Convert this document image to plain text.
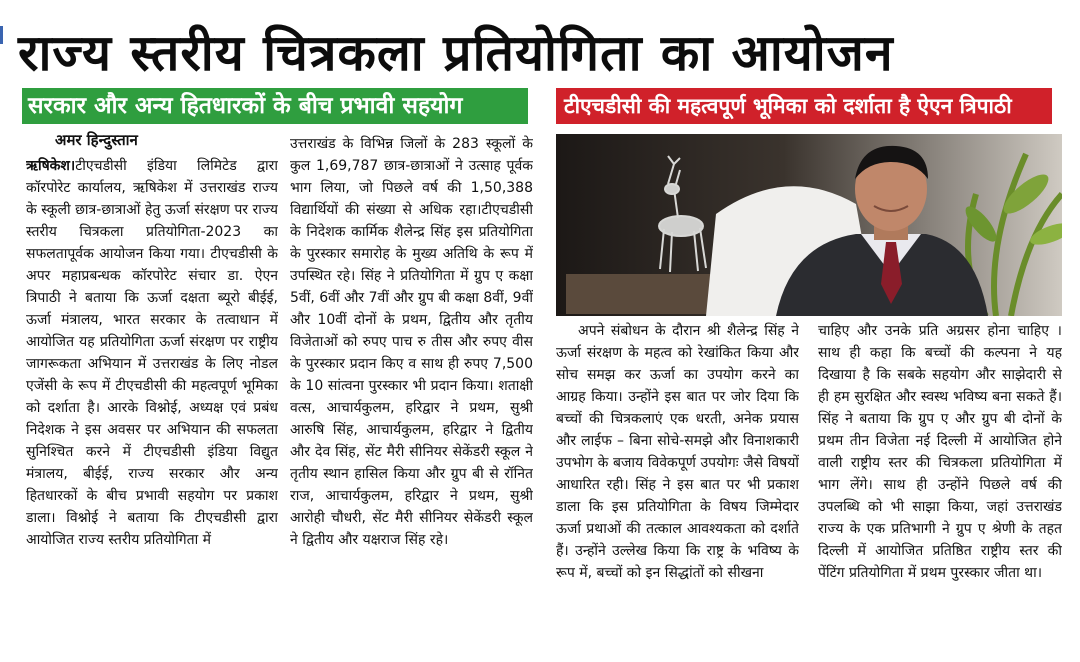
राज्य स्तरीय चित्रकला प्रतियोगिता का आयोजन
सरकार और अन्य हितधारकों के बीच प्रभावी सहयोग	टीएचडीसी की महत्वपूर्ण भूमिका को दर्शाता है ऐएन त्रिपाठी
अमर हिन्दुस्तान

ऋषिकेश।टीएचडीसी इंडिया लिमिटेड द्वारा कॉरपोरेट कार्यालय, ऋषिकेश में उत्तराखंड राज्य के स्कूली छात्र-छात्राओं हेतु ऊर्जा संरक्षण पर राज्य स्तरीय चित्रकला प्रतियोगिता-2023 का सफलतापूर्वक आयोजन किया गया। टीएचडीसी के अपर महाप्रबन्धक कॉरपोरेट संचार डा. ऐएन त्रिपाठी ने बताया कि ऊर्जा दक्षता ब्यूरो बीईई, ऊर्जा मंत्रालय, भारत सरकार के तत्वाधान में आयोजित यह प्रतियोगिता ऊर्जा संरक्षण पर राष्ट्रीय जागरूकता अभियान में उत्तराखंड के लिए नोडल एजेंसी के रूप में टीएचडीसी की महत्वपूर्ण भूमिका को दर्शाता है। आरके विश्नोई, अध्यक्ष एवं प्रबंध निदेशक ने इस अवसर पर अभियान की सफलता सुनिश्चित करने में टीएचडीसी इंडिया विद्युत मंत्रालय, बीईई, राज्य सरकार और अन्य हितधारकों के बीच प्रभावी सहयोग पर प्रकाश डाला। विश्नोई ने बताया कि टीएचडीसी द्वारा आयोजित राज्य स्तरीय प्रतियोगिता में

उत्तराखंड के विभिन्न जिलों के 283 स्कूलों के कुल 1,69,787 छात्र-छात्राओं ने उत्साह पूर्वक भाग लिया, जो पिछले वर्ष की 1,50,388 विद्यार्थियों की संख्या से अधिक रहा।टीएचडीसी के निदेशक कार्मिक शैलेन्द्र सिंह इस प्रतियोगिता के पुरस्कार समारोह के मुख्य अतिथि के रूप में उपस्थित रहे। सिंह ने प्रतियोगिता में ग्रुप ए कक्षा 5वीं, 6वीं और 7वीं और ग्रुप बी कक्षा 8वीं, 9वीं और 10वीं दोनों के प्रथम, द्वितीय और तृतीय विजेताओं को रुपए पाच रु तीस और रुपए वीस के पुरस्कार प्रदान किए व साथ ही रुपए 7,500 के 10 सांत्वना पुरस्कार भी प्रदान किया। शताक्षी वत्स, आचार्यकुलम, हरिद्वार ने प्रथम, सुश्री आरुषि सिंह, आचार्यकुलम, हरिद्वार ने द्वितीय और देव सिंह, सेंट मैरी सीनियर सेकेंडरी स्कूल ने तृतीय स्थान हासिल किया और ग्रुप बी से रॉनित राज, आचार्यकुलम, हरिद्वार ने प्रथम, सुश्री आरोही चौधरी, सेंट मैरी सीनियर सेकेंडरी स्कूल ने द्वितीय और यक्षराज सिंह रहे।

अपने संबोधन के दौरान श्री शैलेन्द्र सिंह ने ऊर्जा संरक्षण के महत्व को रेखांकित किया और सोच समझ कर ऊर्जा का उपयोग करने का आग्रह किया। उन्होंने इस बात पर जोर दिया कि बच्चों की चित्रकलाएं एक धरती, अनेक प्रयास और लाईफ – बिना सोचे-समझे और विनाशकारी उपभोग के बजाय विवेकपूर्ण उपयोगः जैसे विषयों आधारित रही। सिंह ने इस बात पर भी प्रकाश डाला कि इस प्रतियोगिता के विषय जिम्मेदार ऊर्जा प्रथाओं की तत्काल आवश्यकता को दर्शाते हैं। उन्होंने उल्लेख किया कि राष्ट्र के भविष्य के रूप में, बच्चों को इन सिद्धांतों को सीखना

चाहिए और उनके प्रति अग्रसर होना चाहिए । साथ ही कहा कि बच्चों की कल्पना ने यह दिखाया है कि सबके सहयोग और साझेदारी से ही हम सुरक्षित और स्वस्थ भविष्य बना सकते हैं। सिंह ने बताया कि ग्रुप ए और ग्रुप बी दोनों के प्रथम तीन विजेता नई दिल्ली में आयोजित होने वाली राष्ट्रीय स्तर की चित्रकला प्रतियोगिता में भाग लेंगे। साथ ही उन्होंने पिछले वर्ष की उपलब्धि को भी साझा किया, जहां उत्तराखंड राज्य के एक प्रतिभागी ने ग्रुप ए श्रेणी के तहत दिल्ली में आयोजित प्रतिष्ठित राष्ट्रीय स्तर की पेंटिंग प्रतियोगिता में प्रथम पुरस्कार जीता था।
